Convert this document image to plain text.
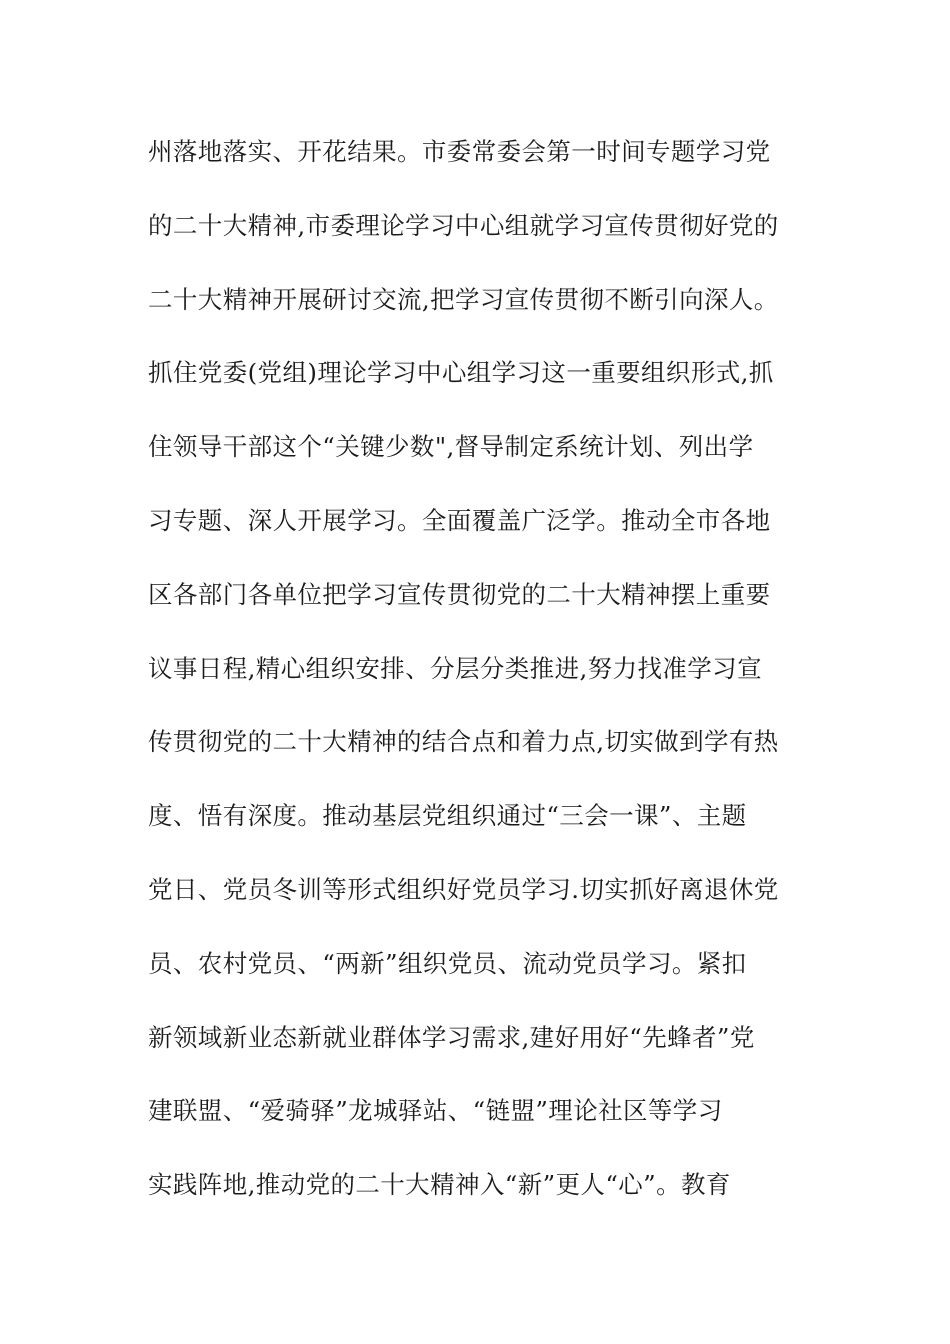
州落地落实、开花结果。市委常委会第一时间专题学习党
的二十大精神,市委理论学习中心组就学习宣传贯彻好党的
二十大精神开展研讨交流,把学习宣传贯彻不断引向深人。
抓住党委(党组)理论学习中心组学习这一重要组织形式,抓
住领导干部这个“关键少数",督导制定系统计划、列出学
习专题、深人开展学习。全面覆盖广泛学。推动全市各地
区各部门各单位把学习宣传贯彻党的二十大精神摆上重要
议事日程,精心组织安排、分层分类推进,努力找准学习宣
传贯彻党的二十大精神的结合点和着力点,切实做到学有热
度、悟有深度。推动基层党组织通过“三会一课”、主题
党日、党员冬训等形式组织好党员学习.切实抓好离退休党
员、农村党员、“两新”组织党员、流动党员学习。紧扣
新领域新业态新就业群体学习需求,建好用好“先蜂者”党
建联盟、“爱骑驿”龙城驿站、“链盟”理论社区等学习
实践阵地,推动党的二十大精神入“新”更人“心”。教育
